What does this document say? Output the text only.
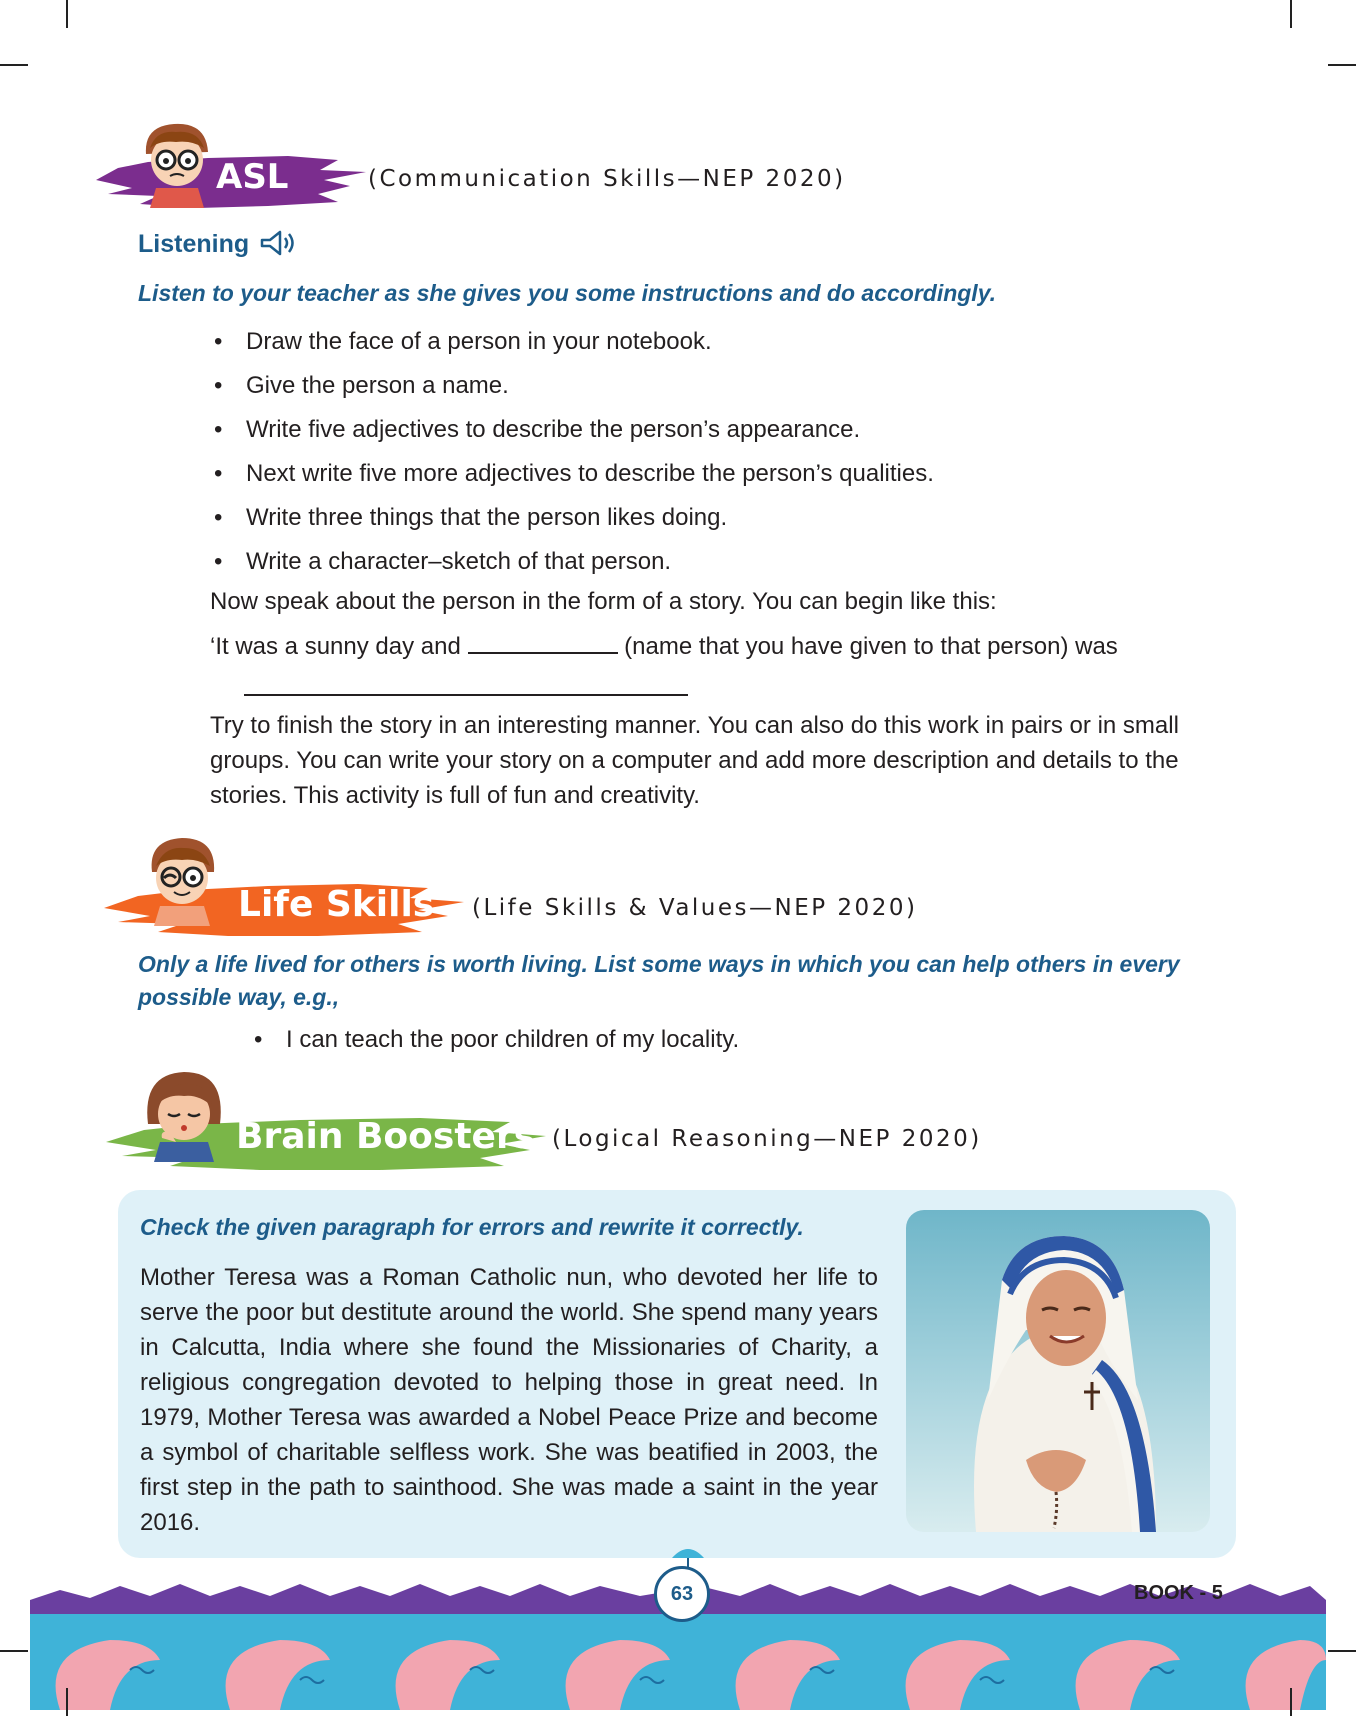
ASL	(Communication Skills—NEP 2020)
Listening
Listen to your teacher as she gives you some instructions and do accordingly.
• Draw the face of a person in your notebook.
• Give the person a name.
• Write five adjectives to describe the person’s appearance.
• Next write five more adjectives to describe the person’s qualities.
• Write three things that the person likes doing.
• Write a character–sketch of that person.
Now speak about the person in the form of a story. You can begin like this:
‘It was a sunny day and	(name that you have given to that person) was
Try to finish the story in an interesting manner. You can also do this work in pairs or in small groups. You can write your story on a computer and add more description and details to the stories. This activity is full of fun and creativity.
Life Skills (Life Skills & Values—NEP 2020)
Only a life lived for others is worth living. List some ways in which you can help others in every possible way, e.g.,
• I can teach the poor children of my locality.
Brain Boosters (Logical Reasoning—NEP 2020)
Check the given paragraph for errors and rewrite it correctly.
Mother Teresa was a Roman Catholic nun, who devoted her life to serve the poor but destitute around the world. She spend many years in Calcutta, India where she found the Missionaries of Charity, a religious congregation devoted to helping those in great need. In 1979, Mother Teresa was awarded a Nobel Peace Prize and become a symbol of charitable selfless work. She was beatified in 2003, the first step in the path to sainthood. She was made a saint in the year 2016.
63	BOOK - 5
